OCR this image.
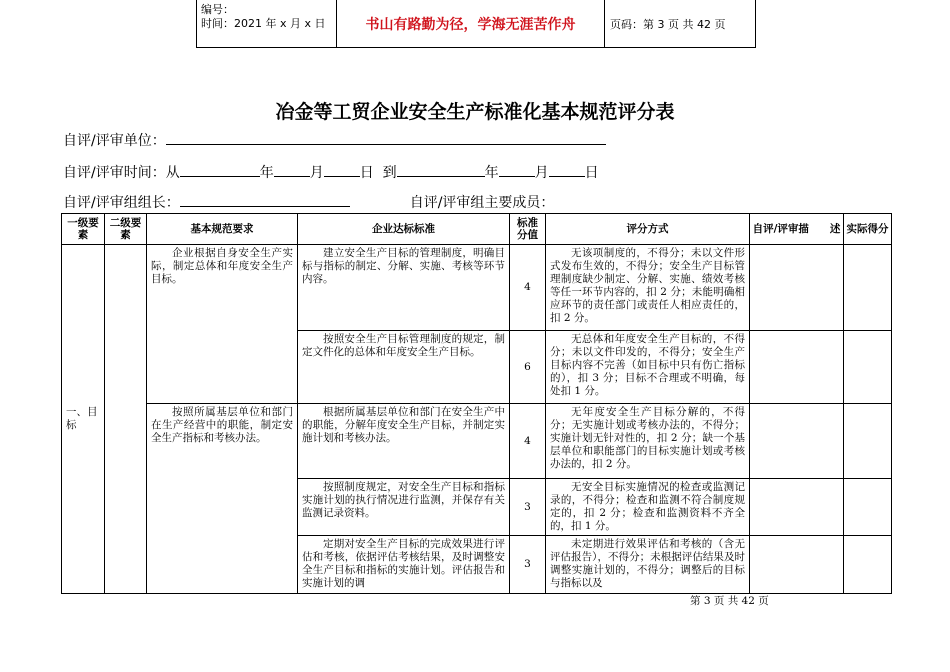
编号：
时间：2021 年 x 月 x 日	书山有路勤为径，学海无涯苦作舟	页码：第 3 页 共 42 页
冶金等工贸企业安全生产标准化基本规范评分表
自评/评审单位：
自评/评审时间：从	年	月	日 到	年	月	日
自评/评审组组长：	自评/评审组主要成员：
一级要素	二级要素	基本规范要求	企业达标标准	标准分值	评分方式	自评/评审描　　述	实际得分
一、目标		企业根据自身安全生产实际，制定总体和年度安全生产目标。	建立安全生产目标的管理制度，明确目标与指标的制定、分解、实施、考核等环节内容。	4	无该项制度的，不得分；未以文件形式发布生效的，不得分；安全生产目标管理制度缺少制定、分解、实施、绩效考核等任一环节内容的，扣 2 分；未能明确相应环节的责任部门或责任人相应责任的，扣 2 分。		
			按照安全生产目标管理制度的规定，制定文件化的总体和年度安全生产目标。	6	无总体和年度安全生产目标的，不得分；未以文件印发的，不得分；安全生产目标内容不完善（如目标中只有伤亡指标的），扣 3 分；目标不合理或不明确，每处扣 1 分。		
		按照所属基层单位和部门在生产经营中的职能，制定安全生产指标和考核办法。	根据所属基层单位和部门在安全生产中的职能，分解年度安全生产目标，并制定实施计划和考核办法。	4	无年度安全生产目标分解的，不得分；无实施计划或考核办法的，不得分；实施计划无针对性的，扣 2 分；缺一个基层单位和职能部门的目标实施计划或考核办法的，扣 2 分。		
			按照制度规定，对安全生产目标和指标实施计划的执行情况进行监测，并保存有关监测记录资料。	3	无安全目标实施情况的检查或监测记录的，不得分；检查和监测不符合制度规定的，扣 2 分；检查和监测资料不齐全的，扣 1 分。		
			定期对安全生产目标的完成效果进行评估和考核，依据评估考核结果，及时调整安全生产目标和指标的实施计划。评估报告和实施计划的调	3	未定期进行效果评估和考核的（含无评估报告），不得分；未根据评估结果及时调整实施计划的，不得分；调整后的目标与指标以及		
第 3 页 共 42 页
